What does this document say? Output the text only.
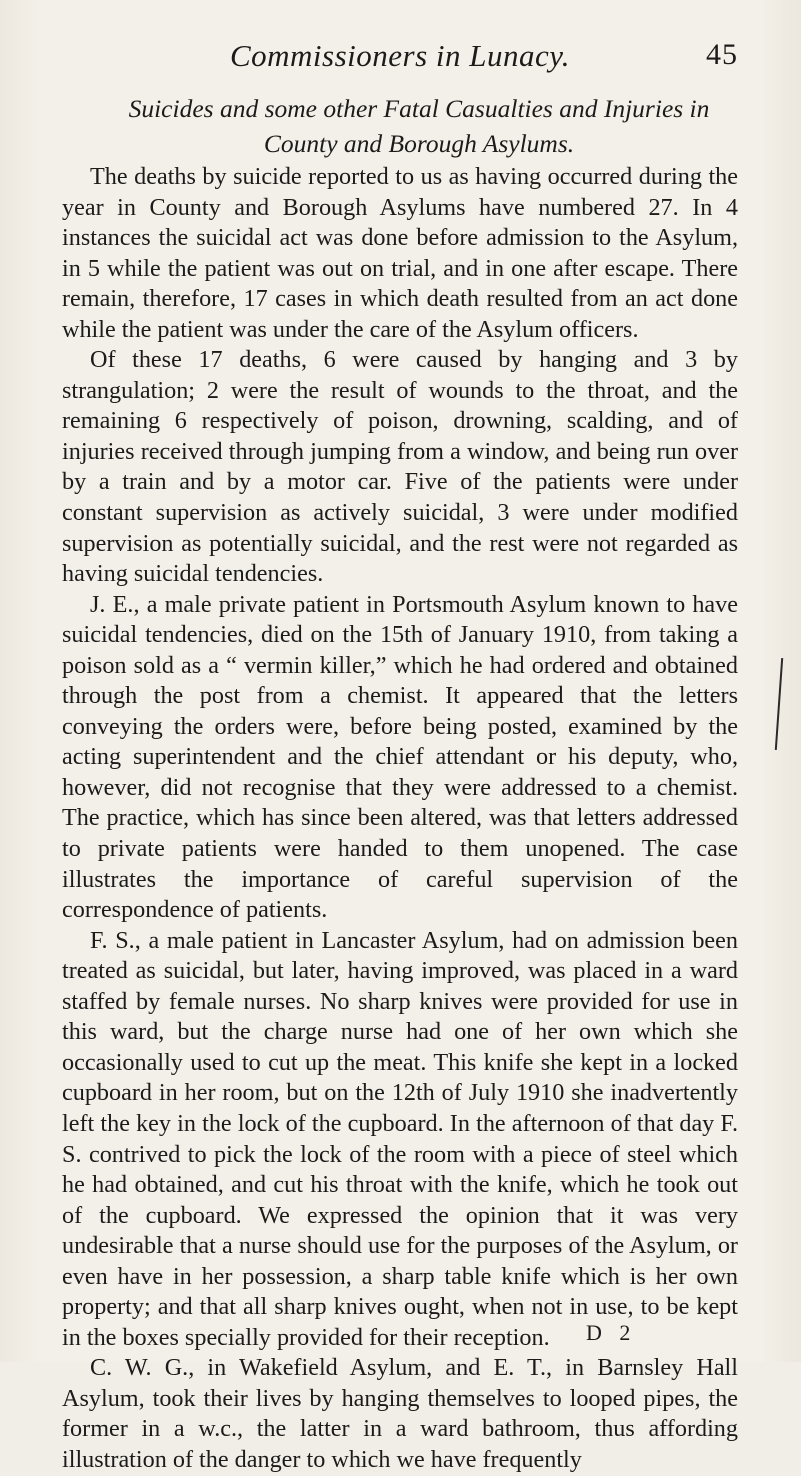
Commissioners in Lunacy.	45
Suicides and some other Fatal Casualties and Injuries in County and Borough Asylums.

The deaths by suicide reported to us as having occurred during the year in County and Borough Asylums have numbered 27. In 4 instances the suicidal act was done before admission to the Asylum, in 5 while the patient was out on trial, and in one after escape. There remain, therefore, 17 cases in which death resulted from an act done while the patient was under the care of the Asylum officers.

Of these 17 deaths, 6 were caused by hanging and 3 by strangulation; 2 were the result of wounds to the throat, and the remaining 6 respectively of poison, drowning, scalding, and of injuries received through jumping from a window, and being run over by a train and by a motor car. Five of the patients were under constant supervision as actively suicidal, 3 were under modified supervision as potentially suicidal, and the rest were not regarded as having suicidal tendencies.

J. E., a male private patient in Portsmouth Asylum known to have suicidal tendencies, died on the 15th of January 1910, from taking a poison sold as a “ vermin killer,” which he had ordered and obtained through the post from a chemist. It appeared that the letters conveying the orders were, before being posted, examined by the acting superintendent and the chief attendant or his deputy, who, however, did not recognise that they were addressed to a chemist. The practice, which has since been altered, was that letters addressed to private patients were handed to them unopened. The case illustrates the importance of careful supervision of the correspondence of patients.

F. S., a male patient in Lancaster Asylum, had on admission been treated as suicidal, but later, having improved, was placed in a ward staffed by female nurses. No sharp knives were provided for use in this ward, but the charge nurse had one of her own which she occasionally used to cut up the meat. This knife she kept in a locked cupboard in her room, but on the 12th of July 1910 she inadvertently left the key in the lock of the cupboard. In the afternoon of that day F. S. contrived to pick the lock of the room with a piece of steel which he had obtained, and cut his throat with the knife, which he took out of the cupboard. We expressed the opinion that it was very undesirable that a nurse should use for the purposes of the Asylum, or even have in her possession, a sharp table knife which is her own property; and that all sharp knives ought, when not in use, to be kept in the boxes specially provided for their reception.

C. W. G., in Wakefield Asylum, and E. T., in Barnsley Hall Asylum, took their lives by hanging themselves to looped pipes, the former in a w.c., the latter in a ward bathroom, thus affording illustration of the danger to which we have frequently

D 2
